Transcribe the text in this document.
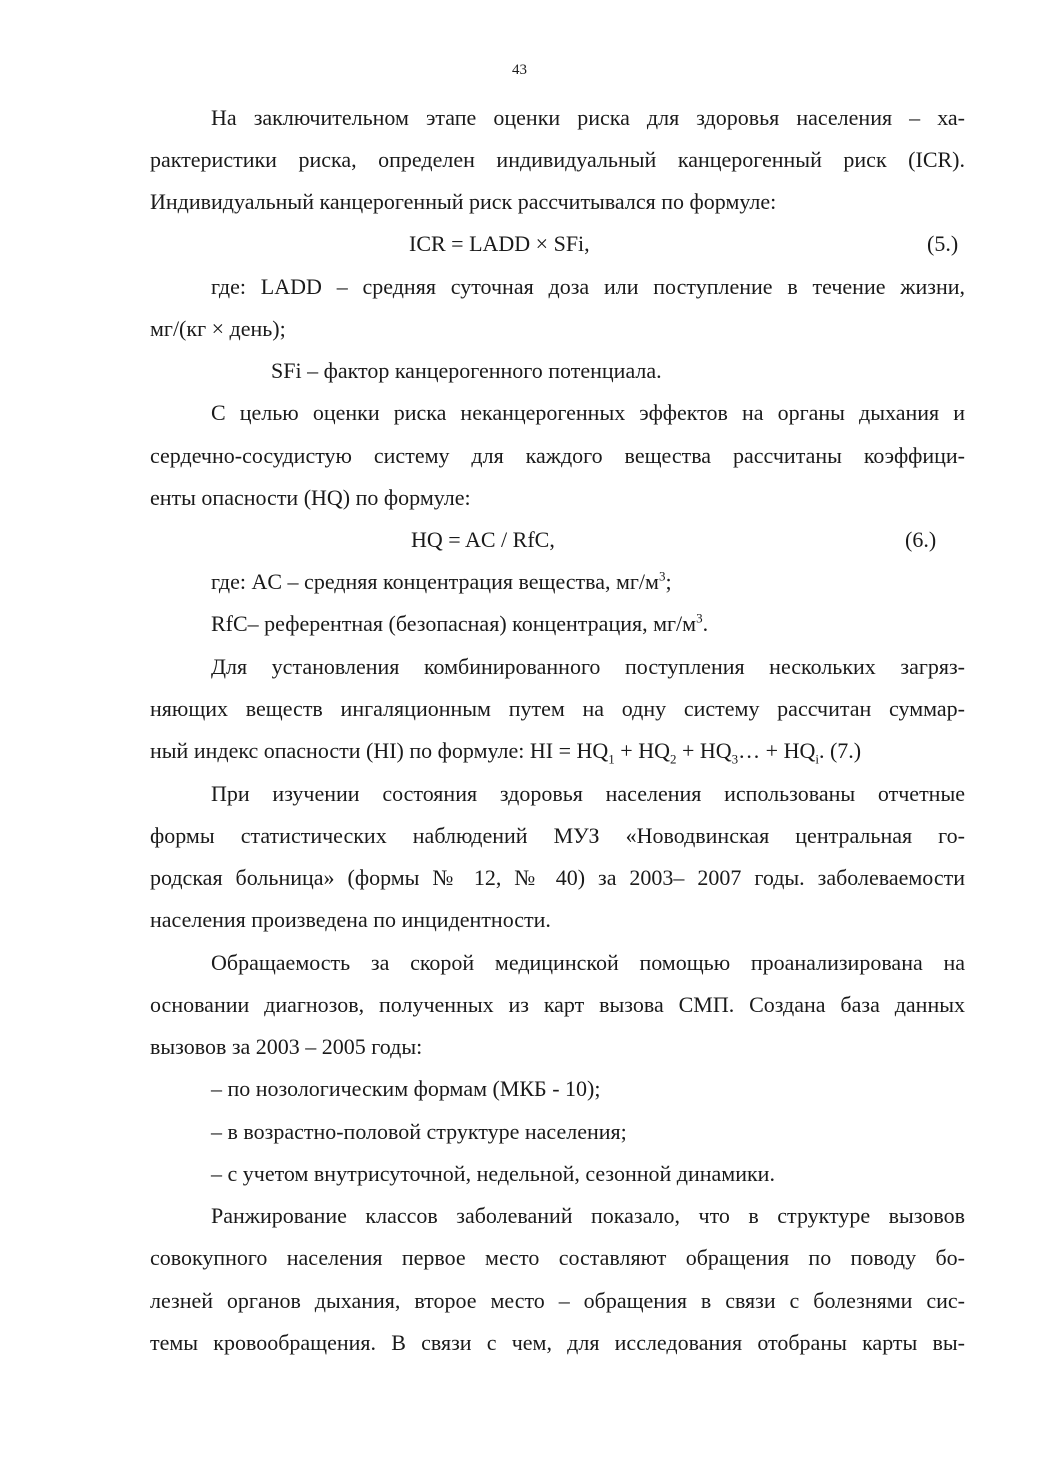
43
На заключительном этапе оценки риска для здоровья населения – ха-
рактеристики риска, определен индивидуальный канцерогенный риск (ICR).
Индивидуальный канцерогенный риск рассчитывался по формуле:
ICR = LADD × SFi,	(5.)
где: LADD – средняя суточная доза или поступление в течение жизни,
мг/(кг × день);
SFi – фактор канцерогенного потенциала.
С целью оценки риска неканцерогенных эффектов на органы дыхания и
сердечно-сосудистую систему для каждого вещества рассчитаны коэффици-
енты опасности (HQ) по формуле:
HQ = AC / RfC,	(6.)
где: AC – средняя концентрация вещества, $мг/м^3$;
RfC– референтная (безопасная) концентрация, $мг/м^3$.
Для установления комбинированного поступления нескольких загряз-
няющих веществ ингаляционным путем на одну систему рассчитан суммар-
ный индекс опасности (HI) по формуле: HI = $HQ_1 + HQ_2$ + $HQ_3\dots + HQ_i$. (7.)
При изучении состояния здоровья населения использованы отчетные
формы статистических наблюдений МУЗ «Новодвинская центральная го-
родская больница» (формы № 12, № 40) за 2003– 2007 годы. заболеваемости
населения произведена по инцидентности.
Обращаемость за скорой медицинской помощью проанализирована на
основании диагнозов, полученных из карт вызова СМП. Создана база данных
вызовов за 2003 – 2005 годы:
– по нозологическим формам (МКБ - 10);
– в возрастно-половой структуре населения;
– с учетом внутрисуточной, недельной, сезонной динамики.
Ранжирование классов заболеваний показало, что в структуре вызовов
совокупного населения первое место составляют обращения по поводу бо-
лезней органов дыхания, второе место – обращения в связи с болезнями сис-
темы кровообращения. В связи с чем, для исследования отобраны карты вы-
